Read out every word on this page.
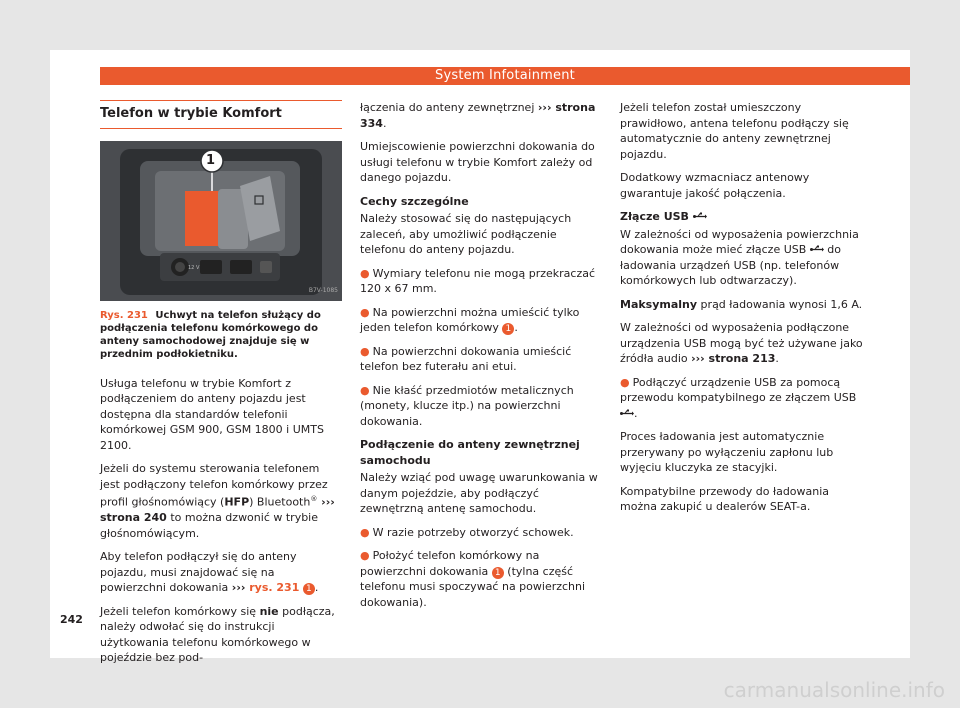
System Infotainment
Telefon w trybie Komfort
12 V
1
B7V-1085
Rys. 231 Uchwyt na telefon służący do podłączenia telefonu komórkowego do anteny samochodowej znajduje się w przednim podłokietniku.

Usługa telefonu w trybie Komfort z podłączeniem do anteny pojazdu jest dostępna dla standardów telefonii komórkowej GSM 900, GSM 1800 i UMTS 2100.

Jeżeli do systemu sterowania telefonem jest podłączony telefon komórkowy przez profil głośnomówiący (HFP) Bluetooth® ››› strona 240 to można dzwonić w trybie głośnomówiącym.

Aby telefon podłączył się do anteny pojazdu, musi znajdować się na powierzchni dokowania ››› rys. 231 1 .

Jeżeli telefon komórkowy się nie podłącza, należy odwołać się do instrukcji użytkowania telefonu komórkowego w pojeździe bez pod-

łączenia do anteny zewnętrznej ››› strona 334.

Umiejscowienie powierzchni dokowania do usługi telefonu w trybie Komfort zależy od danego pojazdu.

Cechy szczególne

Należy stosować się do następujących zaleceń, aby umożliwić podłączenie telefonu do anteny pojazdu.

● Wymiary telefonu nie mogą przekraczać 120 x 67 mm.

● Na powierzchni można umieścić tylko jeden telefon komórkowy 1 .

● Na powierzchni dokowania umieścić telefon bez futerału ani etui.

● Nie kłaść przedmiotów metalicznych (monety, klucze itp.) na powierzchni dokowania.

Podłączenie do anteny zewnętrznej samochodu

Należy wziąć pod uwagę uwarunkowania w danym pojeździe, aby podłączyć zewnętrzną antenę samochodu.

● W razie potrzeby otworzyć schowek.

● Położyć telefon komórkowy na powierzchni dokowania 1 (tylna część telefonu musi spoczywać na powierzchni dokowania).

Jeżeli telefon został umieszczony prawidłowo, antena telefonu podłączy się automatycznie do anteny zewnętrznej pojazdu.

Dodatkowy wzmacniacz antenowy gwarantuje jakość połączenia.

Złącze USB

W zależności od wyposażenia powierzchnia dokowania może mieć złącze USB  do ładowania urządzeń USB (np. telefonów komórkowych lub odtwarzaczy).

Maksymalny prąd ładowania wynosi 1,6 A.

W zależności od wyposażenia podłączone urządzenia USB mogą być też używane jako źródła audio ››› strona 213.

● Podłączyć urządzenie USB za pomocą przewodu kompatybilnego ze złączem USB .

Proces ładowania jest automatycznie przerywany po wyłączeniu zapłonu lub wyjęciu kluczyka ze stacyjki.

Kompatybilne przewody do ładowania można zakupić u dealerów SEAT-a.

242
carmanualsonline.info
